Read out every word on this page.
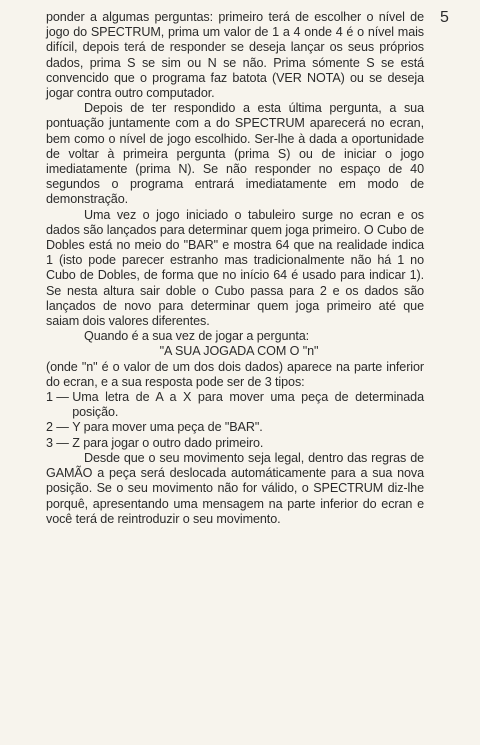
5

ponder a algumas perguntas: primeiro terá de escolher o nível de jogo do SPECTRUM, prima um valor de 1 a 4 onde 4 é o nível mais difícil, depois terá de responder se deseja lançar os seus próprios dados, prima S se sim ou N se não. Prima sómente S se está convencido que o programa faz batota (VER NOTA) ou se deseja jogar contra outro computador.

Depois de ter respondido a esta última pergunta, a sua pontuação juntamente com a do SPECTRUM aparecerá no ecran, bem como o nível de jogo escolhido. Ser-lhe à dada a oportunidade de voltar à primeira pergunta (prima S) ou de iniciar o jogo imediatamente (prima N). Se não responder no espaço de 40 segundos o programa entrará imediatamente em modo de demonstração.

Uma vez o jogo iniciado o tabuleiro surge no ecran e os dados são lançados para determinar quem joga primeiro. O Cubo de Dobles está no meio do "BAR" e mostra 64 que na realidade indica 1 (isto pode parecer estranho mas tradicionalmente não há 1 no Cubo de Dobles, de forma que no início 64 é usado para indicar 1). Se nesta altura sair doble o Cubo passa para 2 e os dados são lançados de novo para determinar quem joga primeiro até que saiam dois valores diferentes.

Quando é a sua vez de jogar a pergunta:

"A SUA JOGADA COM O "n"

(onde "n" é o valor de um dos dois dados) aparece na parte inferior do ecran, e a sua resposta pode ser de 3 tipos:

1 — Uma letra de A a X para mover uma peça de determinada posição.
2 — Y para mover uma peça de "BAR".
3 — Z para jogar o outro dado primeiro.

Desde que o seu movimento seja legal, dentro das regras de GAMÃO a peça será deslocada automáticamente para a sua nova posição. Se o seu movimento não for válido, o SPECTRUM diz-lhe porquê, apresentando uma mensagem na parte inferior do ecran e você terá de reintroduzir o seu movimento.
